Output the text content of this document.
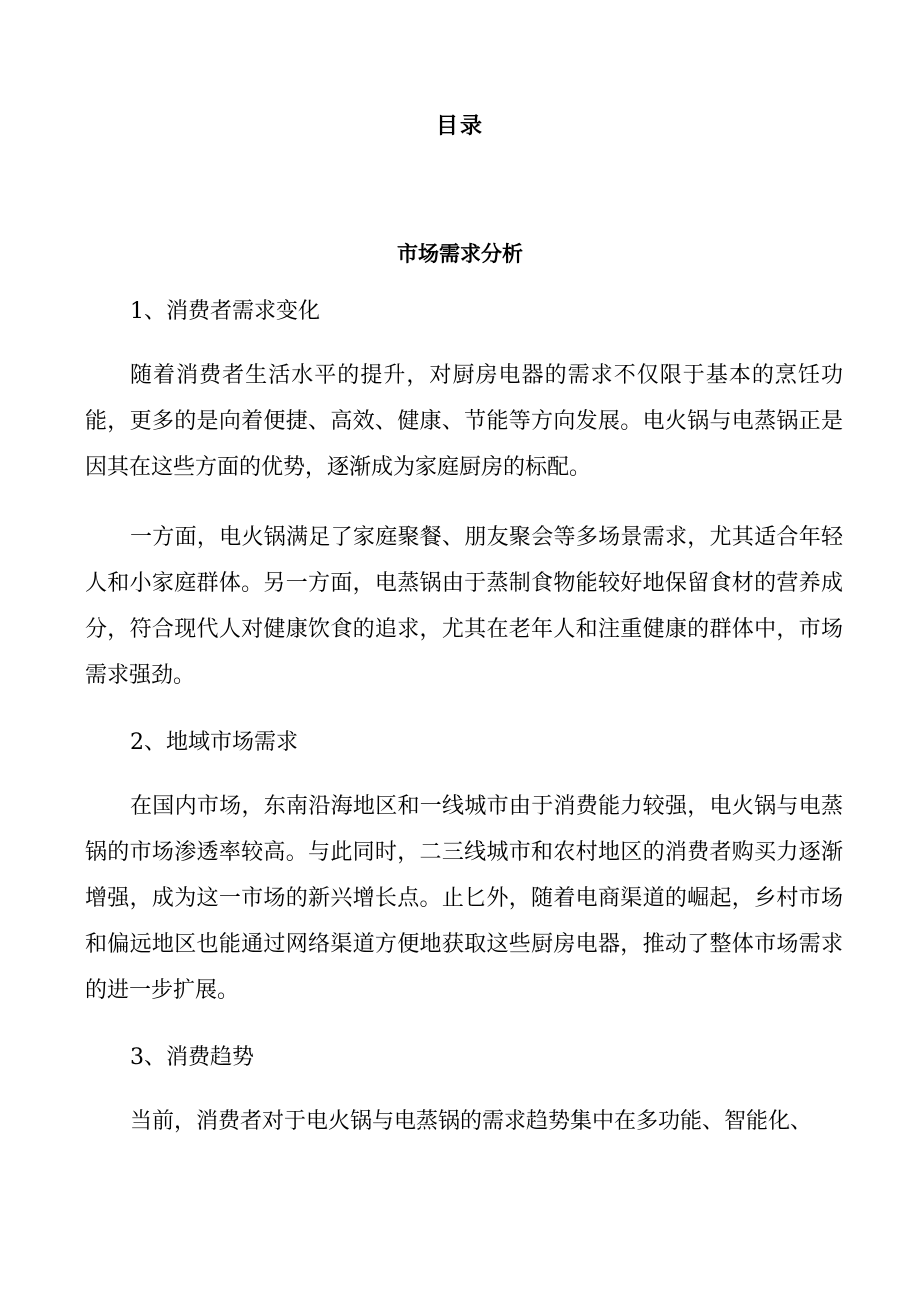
目录
市场需求分析
1、消费者需求变化
随着消费者生活水平的提升，对厨房电器的需求不仅限于基本的烹饪功能，更多的是向着便捷、高效、健康、节能等方向发展。电火锅与电蒸锅正是因其在这些方面的优势，逐渐成为家庭厨房的标配。
一方面，电火锅满足了家庭聚餐、朋友聚会等多场景需求，尤其适合年轻人和小家庭群体。另一方面，电蒸锅由于蒸制食物能较好地保留食材的营养成分，符合现代人对健康饮食的追求，尤其在老年人和注重健康的群体中，市场需求强劲。
2、地域市场需求
在国内市场，东南沿海地区和一线城市由于消费能力较强，电火锅与电蒸锅的市场渗透率较高。与此同时，二三线城市和农村地区的消费者购买力逐渐增强，成为这一市场的新兴增长点。止匕外，随着电商渠道的崛起，乡村市场和偏远地区也能通过网络渠道方便地获取这些厨房电器，推动了整体市场需求的进一步扩展。
3、消费趋势
当前，消费者对于电火锅与电蒸锅的需求趋势集中在多功能、智能化、
